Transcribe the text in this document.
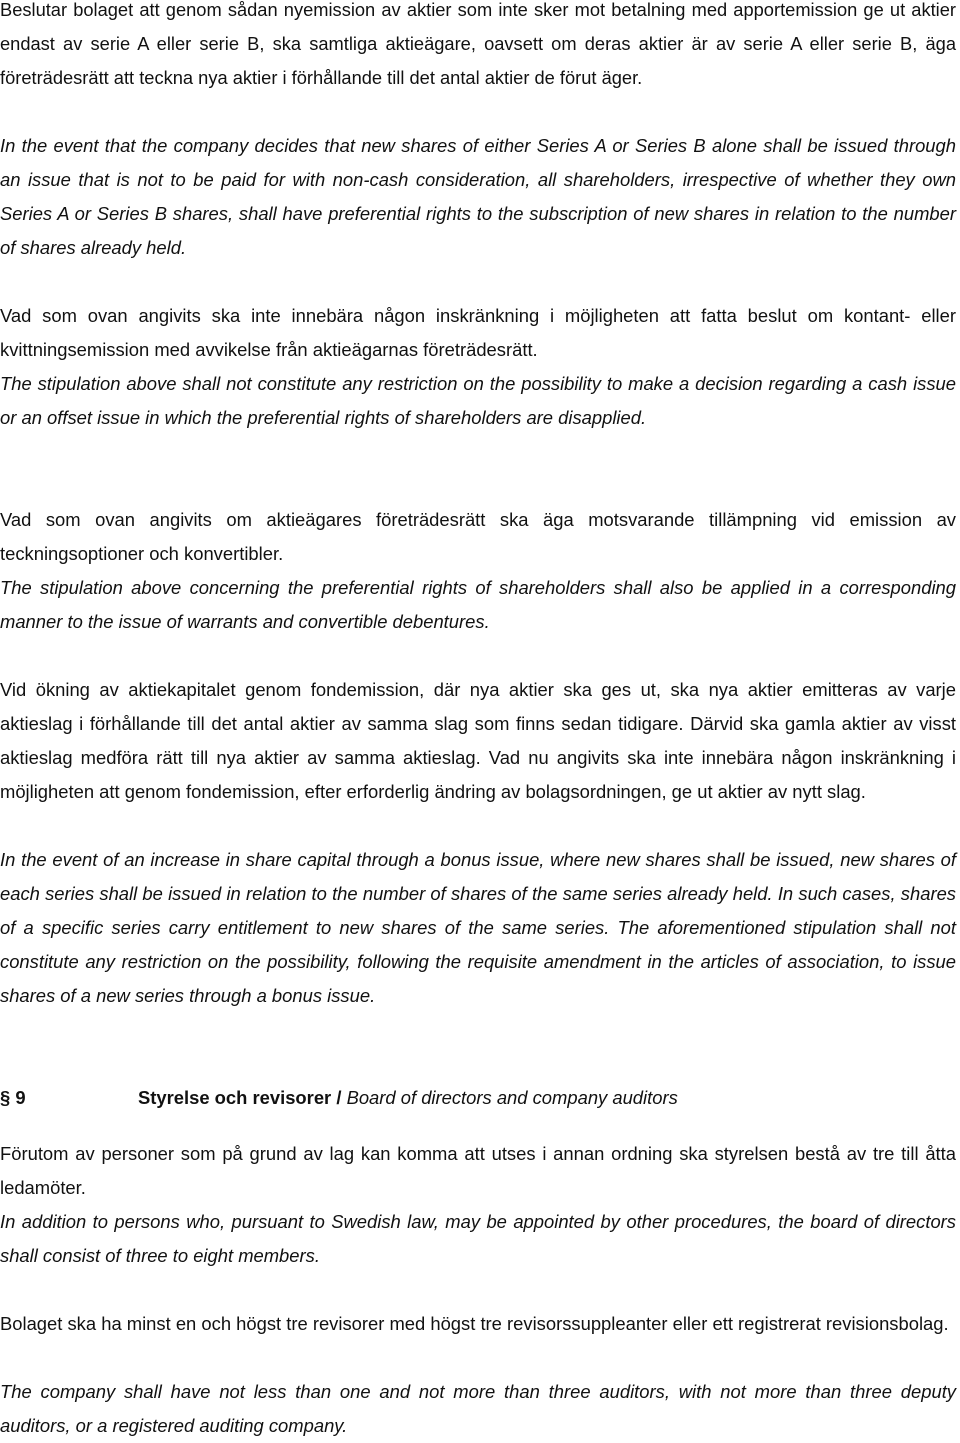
Beslutar bolaget att genom sådan nyemission av aktier som inte sker mot betalning med apportemission ge ut aktier endast av serie A eller serie B, ska samtliga aktieägare, oavsett om deras aktier är av serie A eller serie B, äga företrädesrätt att teckna nya aktier i förhållande till det antal aktier de förut äger.

In the event that the company decides that new shares of either Series A or Series B alone shall be issued through an issue that is not to be paid for with non-cash consideration, all shareholders, irrespective of whether they own Series A or Series B shares, shall have preferential rights to the subscription of new shares in relation to the number of shares already held.

Vad som ovan angivits ska inte innebära någon inskränkning i möjligheten att fatta beslut om kontant- eller kvittningsemission med avvikelse från aktieägarnas företrädesrätt.

The stipulation above shall not constitute any restriction on the possibility to make a decision regarding a cash issue or an offset issue in which the preferential rights of shareholders are disapplied.

Vad som ovan angivits om aktieägares företrädesrätt ska äga motsvarande tillämpning vid emission av teckningsoptioner och konvertibler.

The stipulation above concerning the preferential rights of shareholders shall also be applied in a corresponding manner to the issue of warrants and convertible debentures.

Vid ökning av aktiekapitalet genom fondemission, där nya aktier ska ges ut, ska nya aktier emitteras av varje aktieslag i förhållande till det antal aktier av samma slag som finns sedan tidigare. Därvid ska gamla aktier av visst aktieslag medföra rätt till nya aktier av samma aktieslag. Vad nu angivits ska inte innebära någon inskränkning i möjligheten att genom fondemission, efter erforderlig ändring av bolagsordningen, ge ut aktier av nytt slag.

In the event of an increase in share capital through a bonus issue, where new shares shall be issued, new shares of each series shall be issued in relation to the number of shares of the same series already held. In such cases, shares of a specific series carry entitlement to new shares of the same series. The aforementioned stipulation shall not constitute any restriction on the possibility, following the requisite amendment in the articles of association, to issue shares of a new series through a bonus issue.

§ 9	Styrelse och revisorer / Board of directors and company auditors

Förutom av personer som på grund av lag kan komma att utses i annan ordning ska styrelsen bestå av tre till åtta ledamöter.

In addition to persons who, pursuant to Swedish law, may be appointed by other procedures, the board of directors shall consist of three to eight members.

Bolaget ska ha minst en och högst tre revisorer med högst tre revisorssuppleanter eller ett registrerat revisionsbolag.

The company shall have not less than one and not more than three auditors, with not more than three deputy auditors, or a registered auditing company.
